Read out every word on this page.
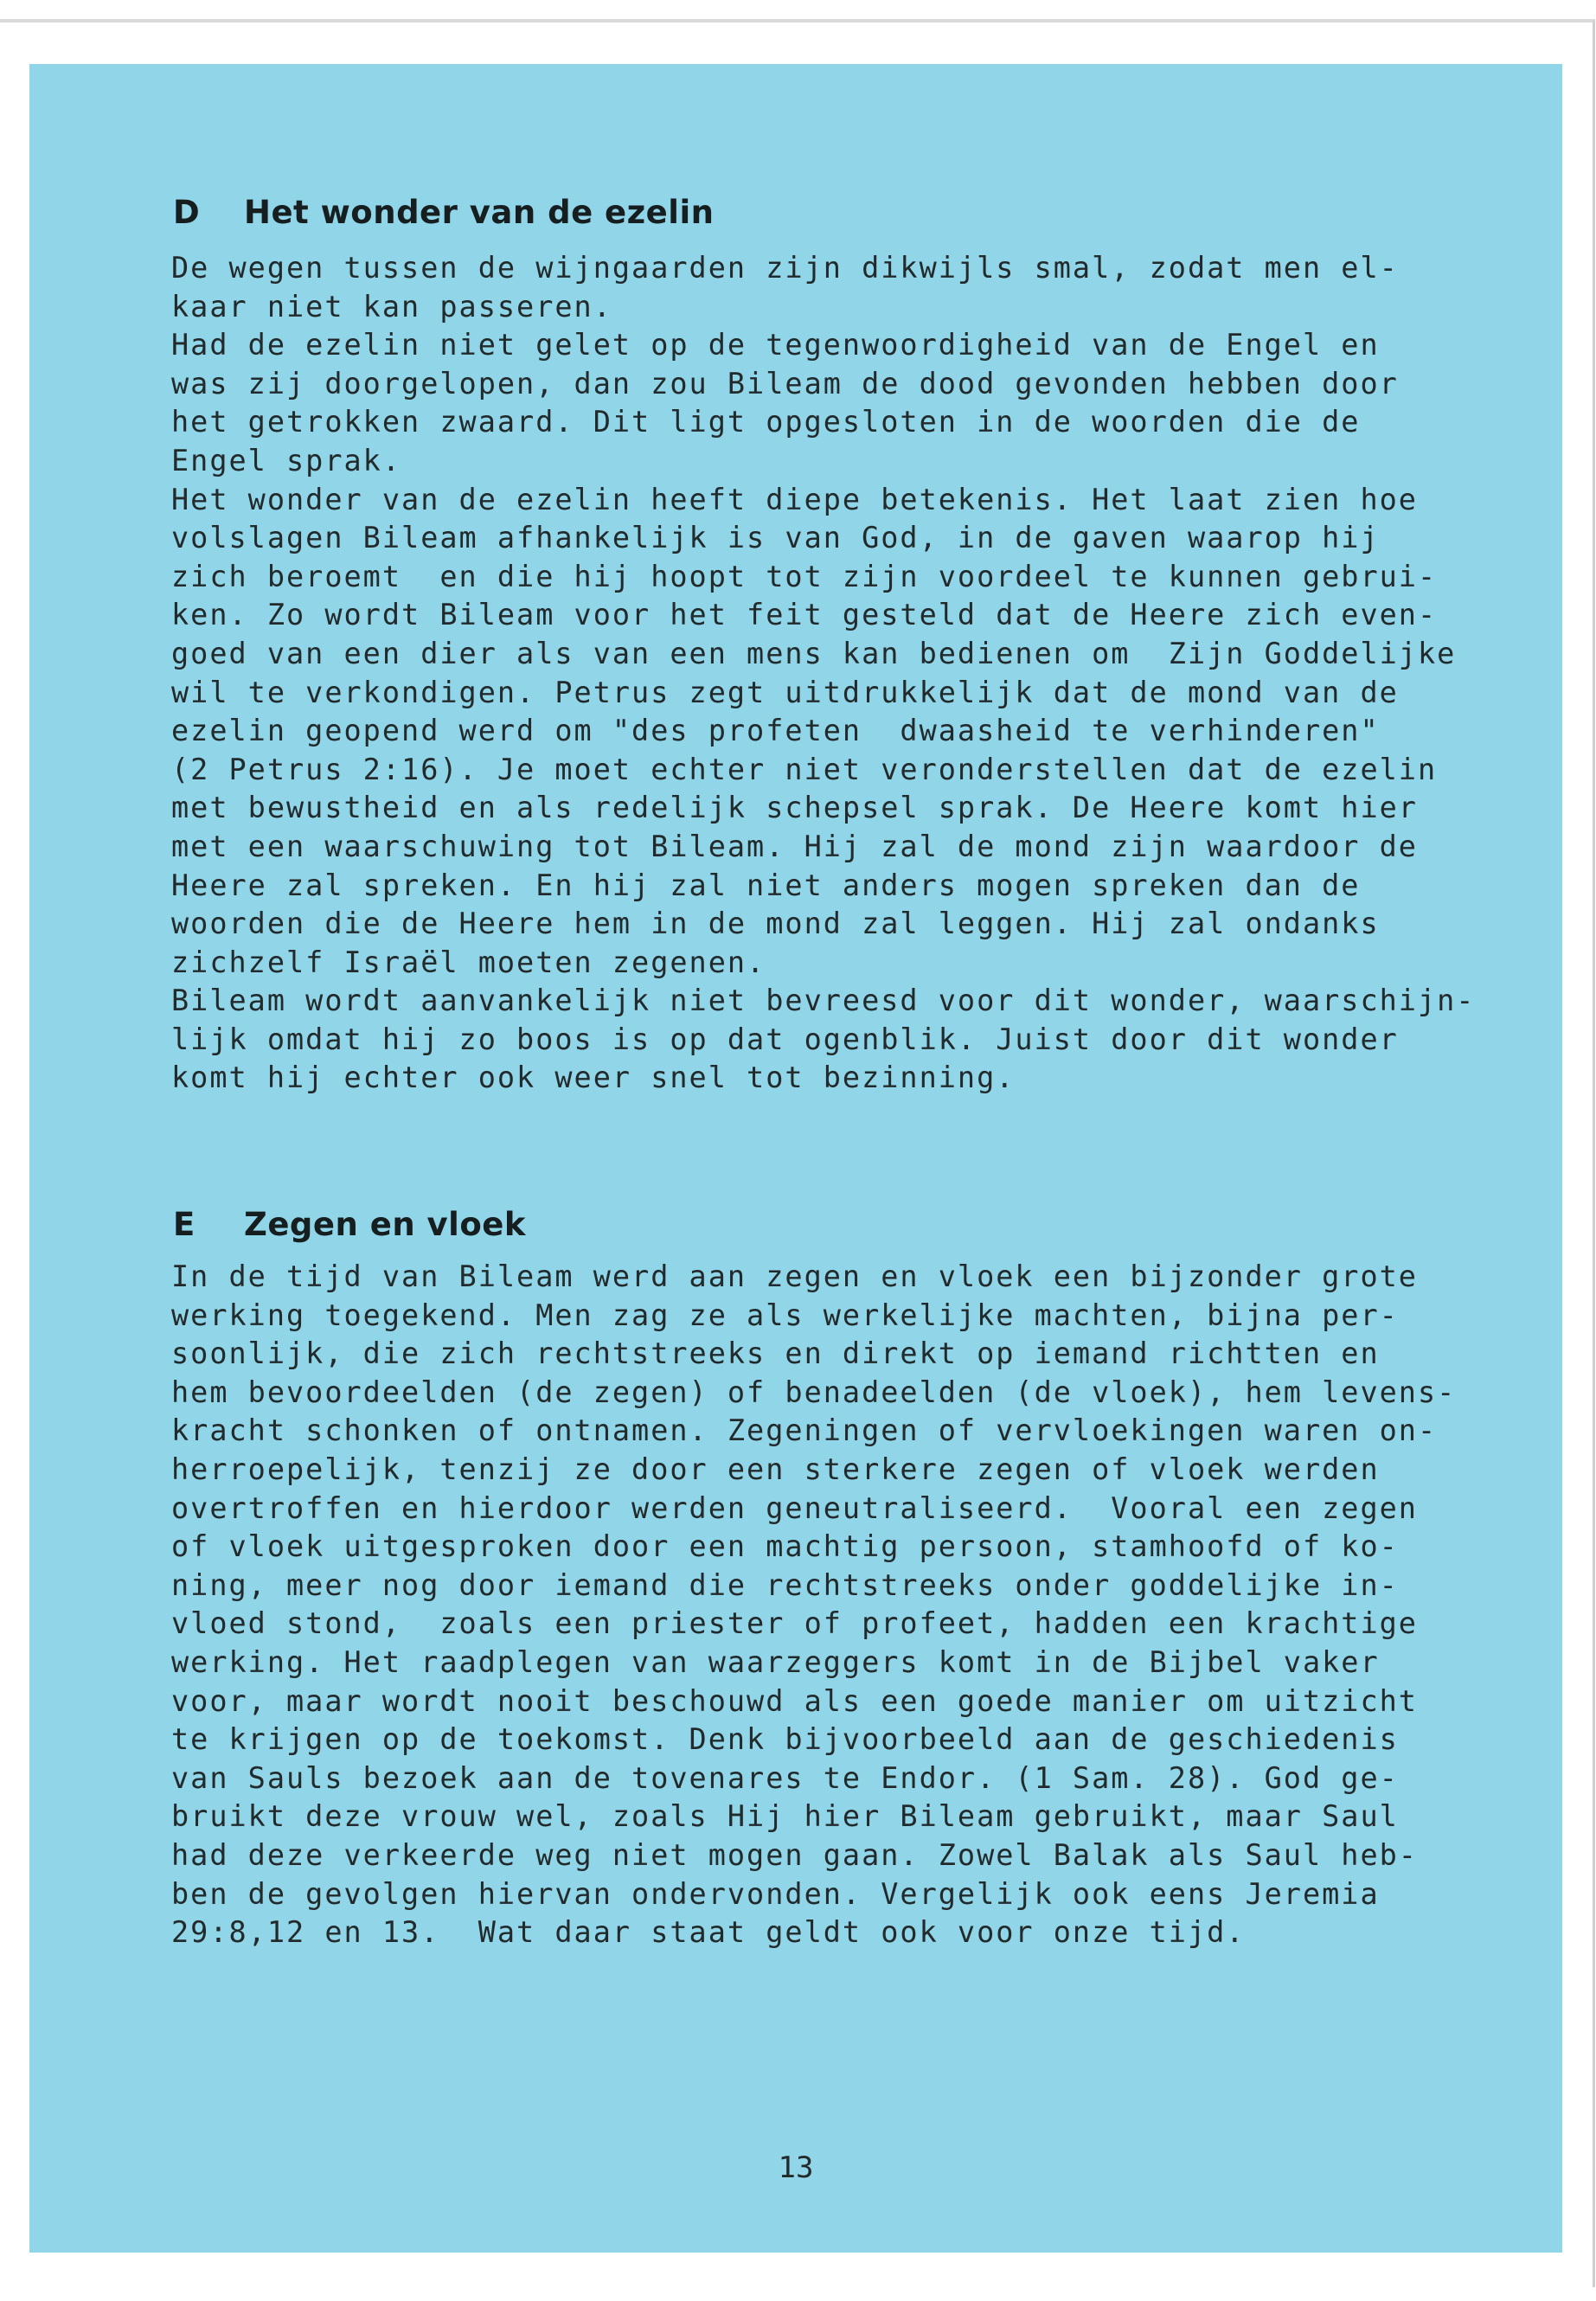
D Het wonder van de ezelin
De wegen tussen de wijngaarden zijn dikwijls smal, zodat men el-
kaar niet kan passeren.
Had de ezelin niet gelet op de tegenwoordigheid van de Engel en
was zij doorgelopen, dan zou Bileam de dood gevonden hebben door
het getrokken zwaard. Dit ligt opgesloten in de woorden die de
Engel sprak.
Het wonder van de ezelin heeft diepe betekenis. Het laat zien hoe
volslagen Bileam afhankelijk is van God, in de gaven waarop hij
zich beroemt  en die hij hoopt tot zijn voordeel te kunnen gebrui-
ken. Zo wordt Bileam voor het feit gesteld dat de Heere zich even-
goed van een dier als van een mens kan bedienen om  Zijn Goddelijke
wil te verkondigen. Petrus zegt uitdrukkelijk dat de mond van de
ezelin geopend werd om "des profeten  dwaasheid te verhinderen"
(2 Petrus 2:16). Je moet echter niet veronderstellen dat de ezelin
met bewustheid en als redelijk schepsel sprak. De Heere komt hier
met een waarschuwing tot Bileam. Hij zal de mond zijn waardoor de
Heere zal spreken. En hij zal niet anders mogen spreken dan de
woorden die de Heere hem in de mond zal leggen. Hij zal ondanks
zichzelf Israël moeten zegenen.
Bileam wordt aanvankelijk niet bevreesd voor dit wonder, waarschijn-
lijk omdat hij zo boos is op dat ogenblik. Juist door dit wonder
komt hij echter ook weer snel tot bezinning.
E Zegen en vloek
In de tijd van Bileam werd aan zegen en vloek een bijzonder grote
werking toegekend. Men zag ze als werkelijke machten, bijna per-
soonlijk, die zich rechtstreeks en direkt op iemand richtten en
hem bevoordeelden (de zegen) of benadeelden (de vloek), hem levens-
kracht schonken of ontnamen. Zegeningen of vervloekingen waren on-
herroepelijk, tenzij ze door een sterkere zegen of vloek werden
overtroffen en hierdoor werden geneutraliseerd.  Vooral een zegen
of vloek uitgesproken door een machtig persoon, stamhoofd of ko-
ning, meer nog door iemand die rechtstreeks onder goddelijke in-
vloed stond,  zoals een priester of profeet, hadden een krachtige
werking. Het raadplegen van waarzeggers komt in de Bijbel vaker
voor, maar wordt nooit beschouwd als een goede manier om uitzicht
te krijgen op de toekomst. Denk bijvoorbeeld aan de geschiedenis
van Sauls bezoek aan de tovenares te Endor. (1 Sam. 28). God ge-
bruikt deze vrouw wel, zoals Hij hier Bileam gebruikt, maar Saul
had deze verkeerde weg niet mogen gaan. Zowel Balak als Saul heb-
ben de gevolgen hiervan ondervonden. Vergelijk ook eens Jeremia
29:8,12 en 13.  Wat daar staat geldt ook voor onze tijd.

13
